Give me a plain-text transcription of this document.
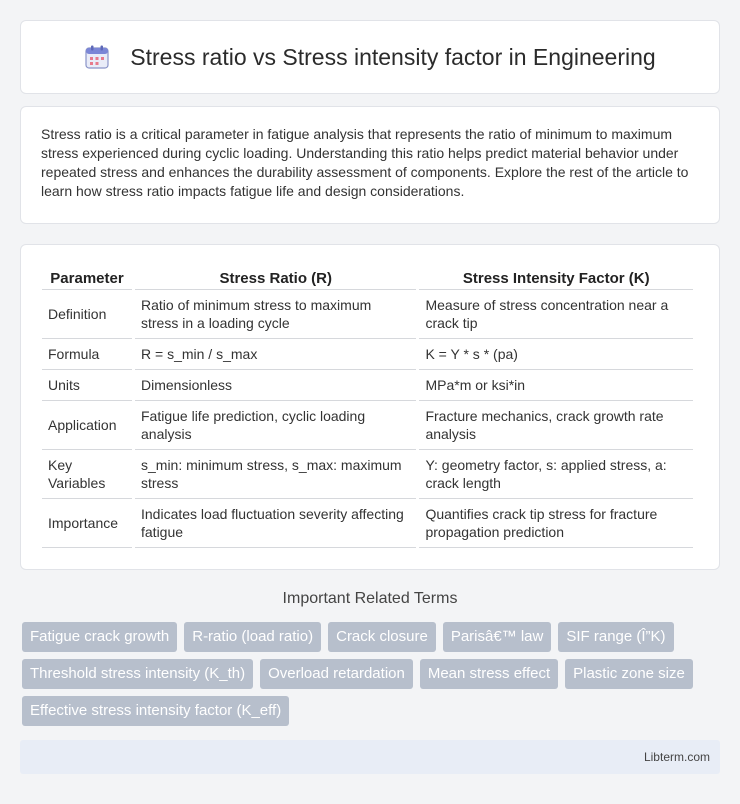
Stress ratio vs Stress intensity factor in Engineering

Stress ratio is a critical parameter in fatigue analysis that represents the ratio of minimum to maximum stress experienced during cyclic loading. Understanding this ratio helps predict material behavior under repeated stress and enhances the durability assessment of components. Explore the rest of the article to learn how stress ratio impacts fatigue life and design considerations.

Parameter	Stress Ratio (R)	Stress Intensity Factor (K)
Definition	Ratio of minimum stress to maximum stress in a loading cycle	Measure of stress concentration near a crack tip
Formula	R = s_min / s_max	K = Y * s * (pa)
Units	Dimensionless	MPa*m or ksi*in
Application	Fatigue life prediction, cyclic loading analysis	Fracture mechanics, crack growth rate analysis
Key Variables	s_min: minimum stress, s_max: maximum stress	Y: geometry factor, s: applied stress, a: crack length
Importance	Indicates load fluctuation severity affecting fatigue	Quantifies crack tip stress for fracture propagation prediction
Important Related Terms
Fatigue crack growth	R-ratio (load ratio)	Crack closure	Parisâ€™ law	SIF range (Î”K)
Threshold stress intensity (K_th)	Overload retardation	Mean stress effect	Plastic zone size
Effective stress intensity factor (K_eff)
Libterm.com
